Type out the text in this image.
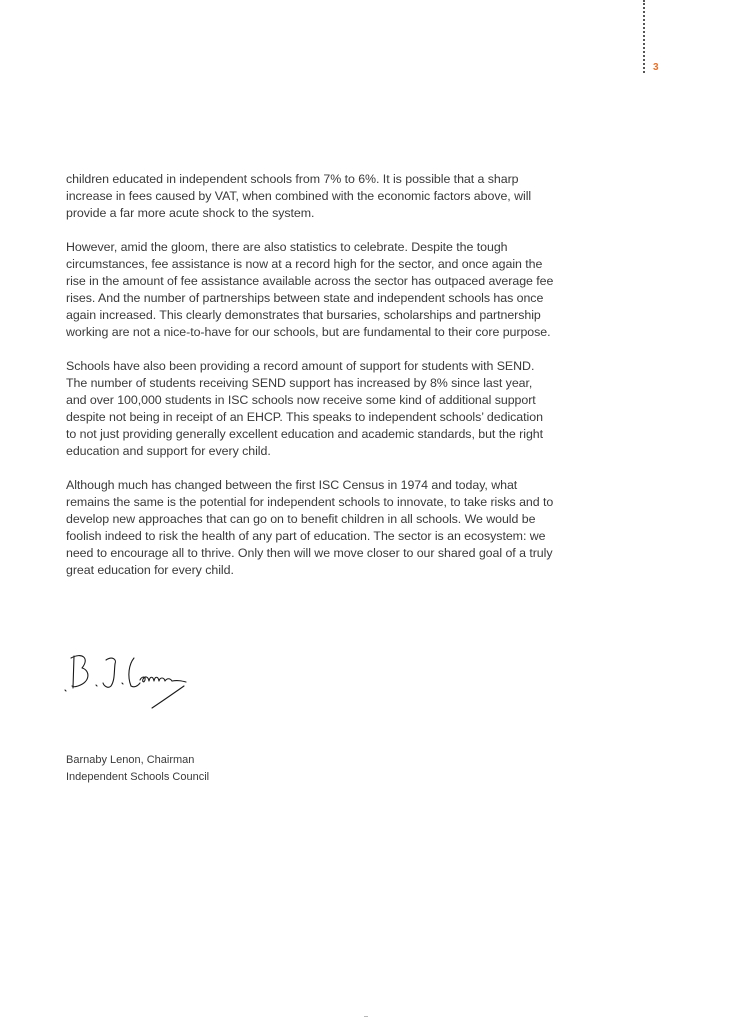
3

children educated in independent schools from 7% to 6%. It is possible that a sharp increase in fees caused by VAT, when combined with the economic factors above, will provide a far more acute shock to the system.

However, amid the gloom, there are also statistics to celebrate. Despite the tough circumstances, fee assistance is now at a record high for the sector, and once again the rise in the amount of fee assistance available across the sector has outpaced average fee rises. And the number of partnerships between state and independent schools has once again increased. This clearly demonstrates that bursaries, scholarships and partnership working are not a nice-to-have for our schools, but are fundamental to their core purpose.

Schools have also been providing a record amount of support for students with SEND. The number of students receiving SEND support has increased by 8% since last year, and over 100,000 students in ISC schools now receive some kind of additional support despite not being in receipt of an EHCP. This speaks to independent schools’ dedication to not just providing generally excellent education and academic standards, but the right education and support for every child.

Although much has changed between the first ISC Census in 1974 and today, what remains the same is the potential for independent schools to innovate, to take risks and to develop new approaches that can go on to benefit children in all schools. We would be foolish indeed to risk the health of any part of education. The sector is an ecosystem: we need to encourage all to thrive. Only then will we move closer to our shared goal of a truly great education for every child.

Barnaby Lenon, Chairman
Independent Schools Council
